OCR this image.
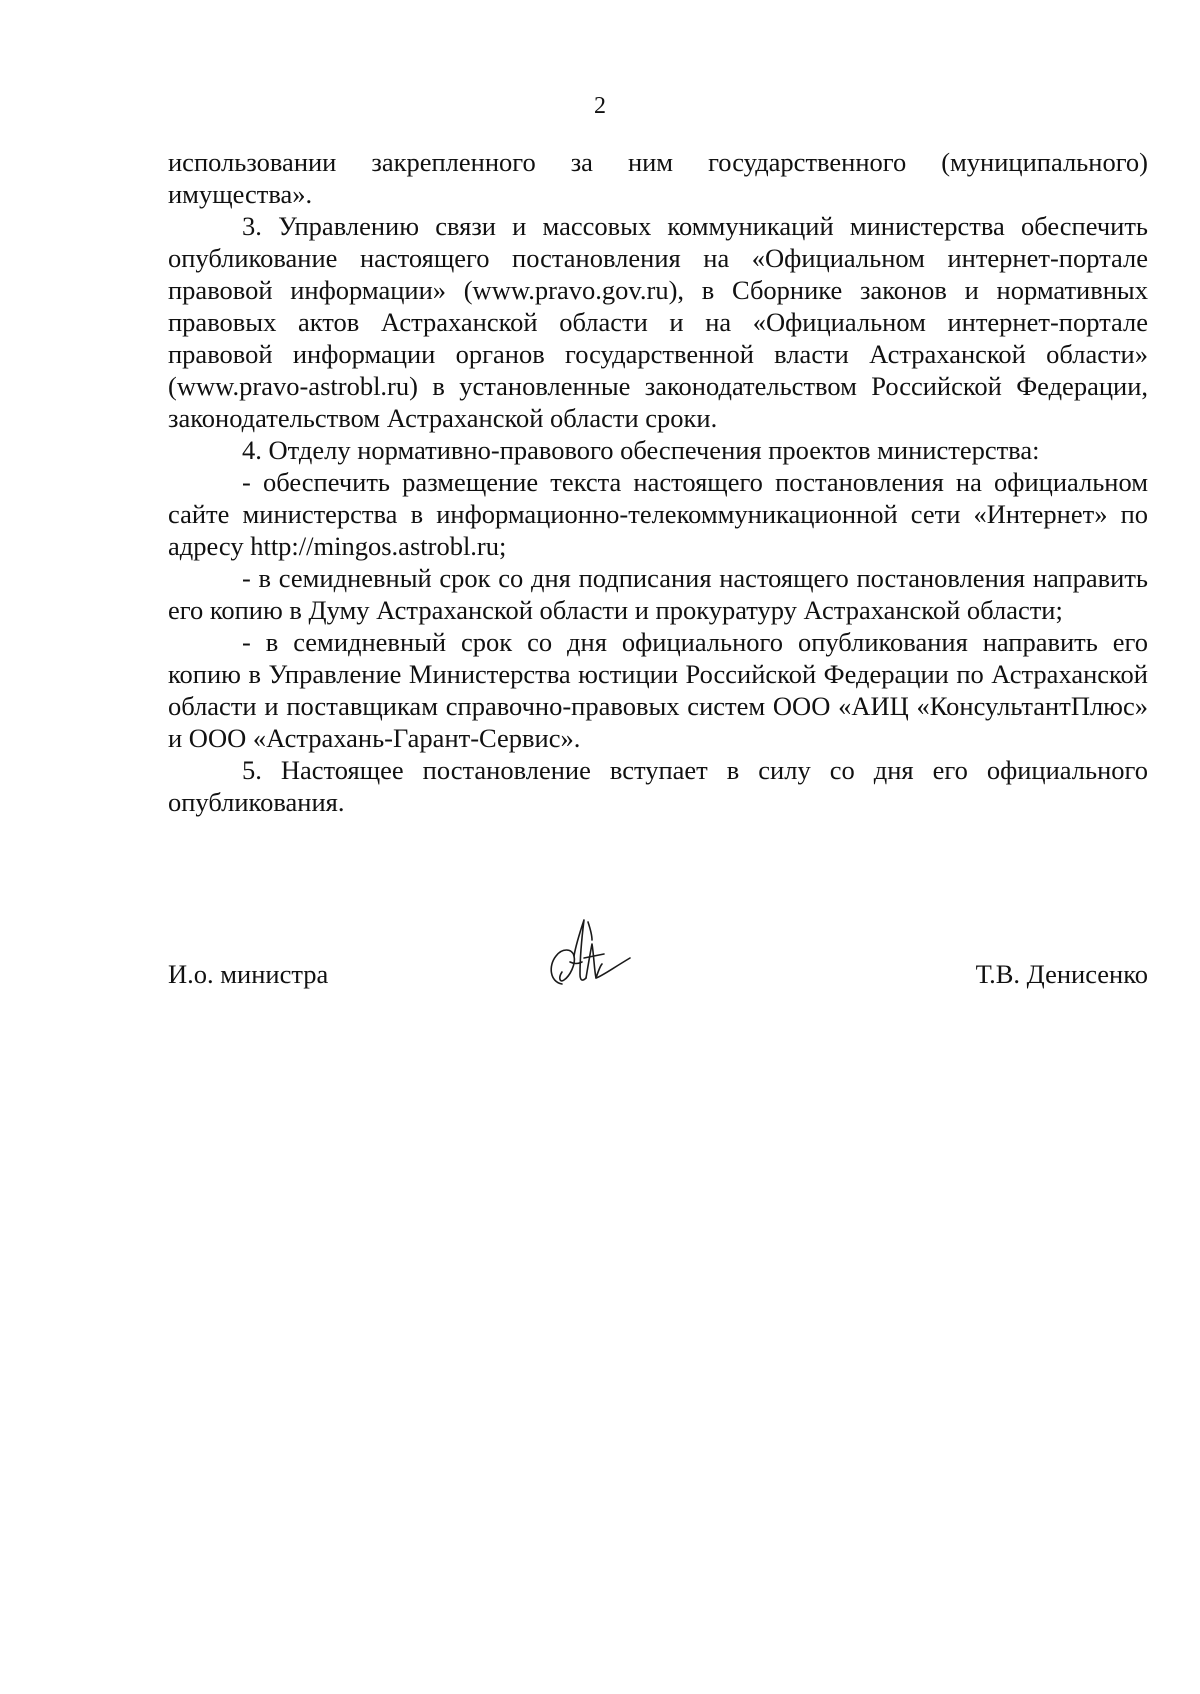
2

использовании закрепленного за ним государственного (муниципального) имущества».

3. Управлению связи и массовых коммуникаций министерства обеспечить опубликование настоящего постановления на «Официальном интернет-портале правовой информации» (www.pravo.gov.ru), в Сборнике законов и нормативных правовых актов Астраханской области и на «Официальном интернет-портале правовой информации органов государственной власти Астраханской области» (www.pravo-astrobl.ru) в установленные законодательством Российской Федерации, законодательством Астраханской области сроки.

4. Отделу нормативно-правового обеспечения проектов министерства:

- обеспечить размещение текста настоящего постановления на официальном сайте министерства в информационно-телекоммуникационной сети «Интернет» по адресу http://mingos.astrobl.ru;

- в семидневный срок со дня подписания настоящего постановления направить его копию в Думу Астраханской области и прокуратуру Астраханской области;

- в семидневный срок со дня официального опубликования направить его копию в Управление Министерства юстиции Российской Федерации по Астраханской области и поставщикам справочно-правовых систем ООО «АИЦ «КонсультантПлюс» и ООО «Астрахань-Гарант-Сервис».

5. Настоящее постановление вступает в силу со дня его официального опубликования.

И.о. министра	Т.В. Денисенко
